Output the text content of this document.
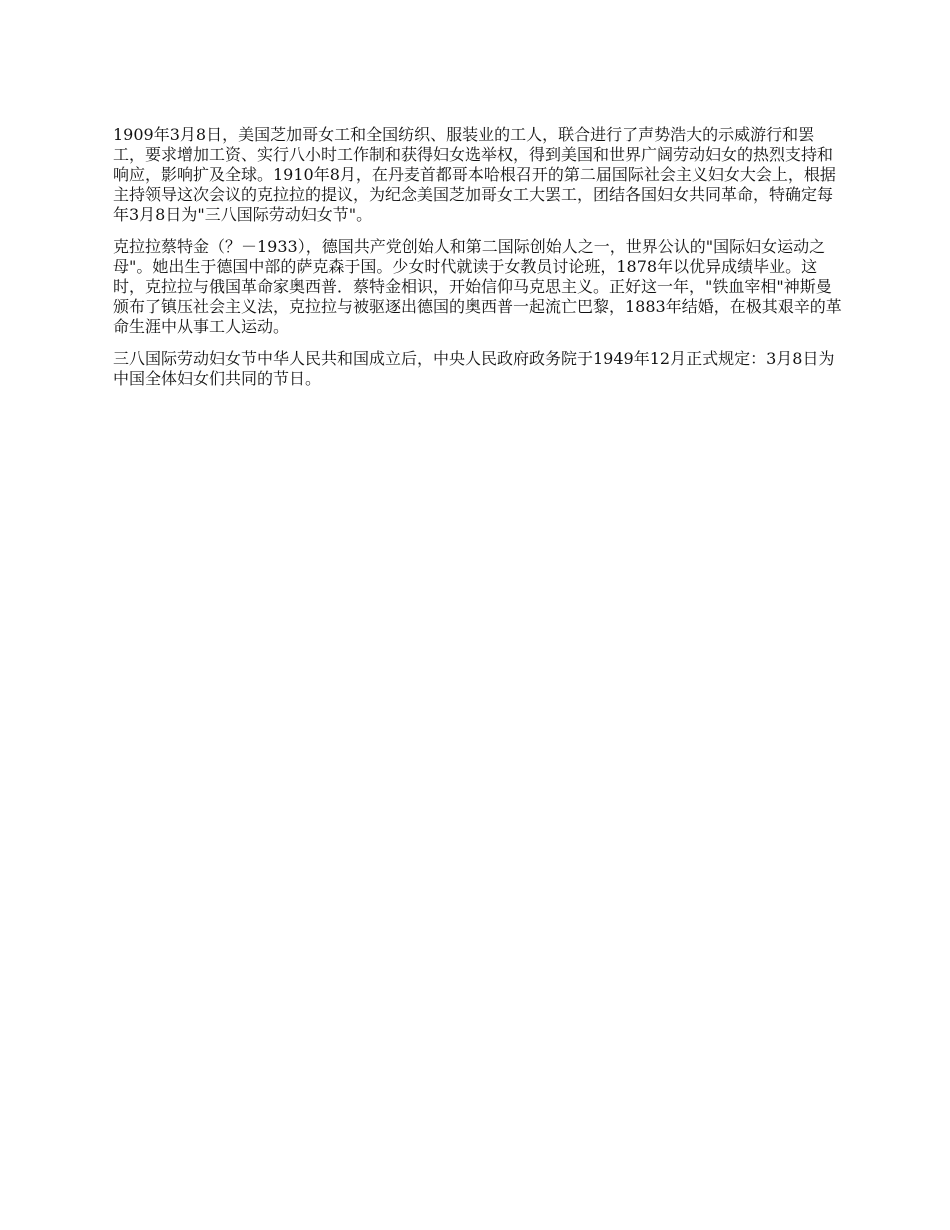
1909年3月8日，美国芝加哥女工和全国纺织、服装业的工人，联合进行了声势浩大的示威游行和罢工，要求增加工资、实行八小时工作制和获得妇女选举权，得到美国和世界广阔劳动妇女的热烈支持和响应，影响扩及全球。1910年8月，在丹麦首都哥本哈根召开的第二届国际社会主义妇女大会上，根据主持领导这次会议的克拉拉的提议，为纪念美国芝加哥女工大罢工，团结各国妇女共同革命，特确定每年3月8日为"三八国际劳动妇女节"。

克拉拉蔡特金（？－1933），德国共产党创始人和第二国际创始人之一，世界公认的"国际妇女运动之母"。她出生于德国中部的萨克森于国。少女时代就读于女教员讨论班，1878年以优异成绩毕业。这时，克拉拉与俄国革命家奥西普．蔡特金相识，开始信仰马克思主义。正好这一年，"铁血宰相"神斯曼颁布了镇压社会主义法，克拉拉与被驱逐出德国的奥西普一起流亡巴黎，1883年结婚，在极其艰辛的革命生涯中从事工人运动。

三八国际劳动妇女节中华人民共和国成立后，中央人民政府政务院于1949年12月正式规定：3月8日为中国全体妇女们共同的节日。
